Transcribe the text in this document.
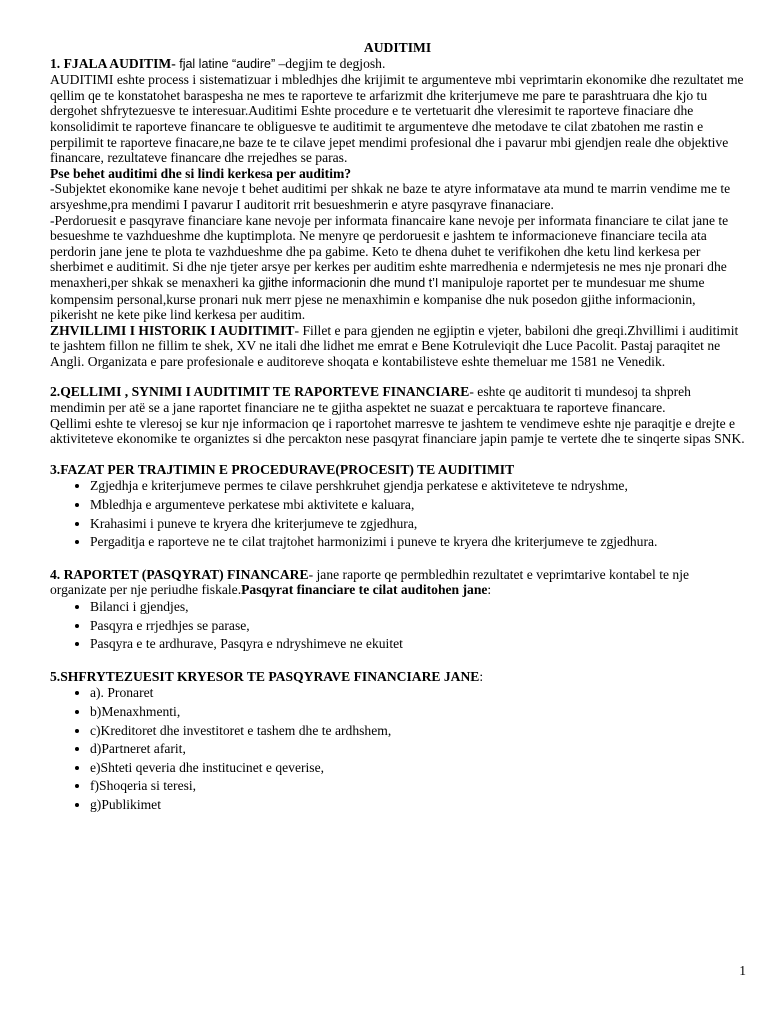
AUDITIMI

1. FJALA AUDITIM- fjal latine “audire” –degjim te degjosh.

AUDITIMI eshte process i sistematizuar i mbledhjes dhe krijimit te argumenteve mbi veprimtarin ekonomike dhe rezultatet me qellim qe te konstatohet baraspesha ne mes te raporteve te arfarizmit dhe kriterjumeve me pare te parashtruara dhe kjo tu dergohet shfrytezuesve te interesuar.Auditimi Eshte procedure e te vertetuarit dhe vleresimit te raporteve finaciare dhe konsolidimit te raporteve financare te obliguesve te auditimit te argumenteve dhe metodave te cilat zbatohen me rastin e perpilimit te raporteve finacare,ne baze te te cilave jepet mendimi profesional dhe i pavarur mbi gjendjen reale dhe objektive financare, rezultateve financare dhe rrejedhes se paras.

Pse behet auditimi dhe si lindi kerkesa per auditim?

-Subjektet ekonomike kane nevoje t behet auditimi per shkak ne baze te atyre informatave ata mund te marrin vendime me te arsyeshme,pra mendimi I pavarur I auditorit rrit besueshmerin e atyre pasqyrave finanaciare.

-Perdoruesit e pasqyrave financiare kane nevoje per informata financaire kane nevoje per informata financiare te cilat jane te besueshme te vazhdueshme dhe kuptimplota. Ne menyre qe perdoruesit e jashtem te informacioneve financiare tecila ata perdorin jane jene te plota te vazhdueshme dhe pa gabime. Keto te dhena duhet te verifikohen dhe ketu lind kerkesa per sherbimet e auditimit. Si dhe nje tjeter arsye per kerkes per auditim eshte marredhenia e ndermjetesis ne mes nje pronari dhe menaxheri,per shkak se menaxheri ka gjithe informacionin dhe mund t’I manipuloje raportet per te mundesuar me shume kompensim personal,kurse pronari nuk merr pjese ne menaxhimin e kompanise dhe nuk posedon gjithe informacionin, pikerisht ne kete pike lind kerkesa per auditim.

ZHVILLIMI I HISTORIK I AUDITIMIT- Fillet e para gjenden ne egjiptin e vjeter, babiloni dhe greqi.Zhvillimi i auditimit te jashtem fillon ne fillim te shek, XV ne itali dhe lidhet me emrat e Bene Kotruleviqit dhe Luce Pacolit. Pastaj paraqitet ne Angli. Organizata e pare profesionale e auditoreve shoqata e kontabilisteve eshte themeluar me 1581 ne Venedik.

2.QELLIMI , SYNIMI I AUDITIMIT TE RAPORTEVE FINANCIARE- eshte qe auditorit ti mundesoj ta shpreh mendimin per atë se a jane raportet financiare ne te gjitha aspektet ne suazat e percaktuara te raporteve financare.

Qellimi eshte te vleresoj se kur nje informacion qe i raportohet marresve te jashtem te vendimeve eshte nje paraqitje e drejte e aktiviteteve ekonomike te organiztes si dhe percakton nese pasqyrat financiare japin pamje te vertete dhe te sinqerte sipas SNK.

3.FAZAT PER TRAJTIMIN E PROCEDURAVE(PROCESIT) TE AUDITIMIT

• Zgjedhja e kriterjumeve permes te cilave pershkruhet gjendja perkatese e aktiviteteve te ndryshme,
• Mbledhja e argumenteve perkatese mbi aktivitete e kaluara,
• Krahasimi i puneve te kryera dhe kriterjumeve te zgjedhura,
• Pergaditja e raporteve ne te cilat trajtohet harmonizimi i puneve te kryera dhe kriterjumeve te zgjedhura.

4. RAPORTET (PASQYRAT) FINANCARE- jane raporte qe permbledhin rezultatet e veprimtarive kontabel te nje organizate per nje periudhe fiskale.Pasqyrat financiare te cilat auditohen jane:

• Bilanci i gjendjes,
• Pasqyra e rrjedhjes se parase,
• Pasqyra e te ardhurave, Pasqyra e ndryshimeve ne ekuitet

5.SHFRYTEZUESIT KRYESOR TE PASQYRAVE FINANCIARE JANE:

• a). Pronaret
• b)Menaxhmenti,
• c)Kreditoret dhe investitoret e tashem dhe te ardhshem,
• d)Partneret afarit,
• e)Shteti qeveria dhe institucinet e qeverise,
• f)Shoqeria si teresi,
• g)Publikimet
1
